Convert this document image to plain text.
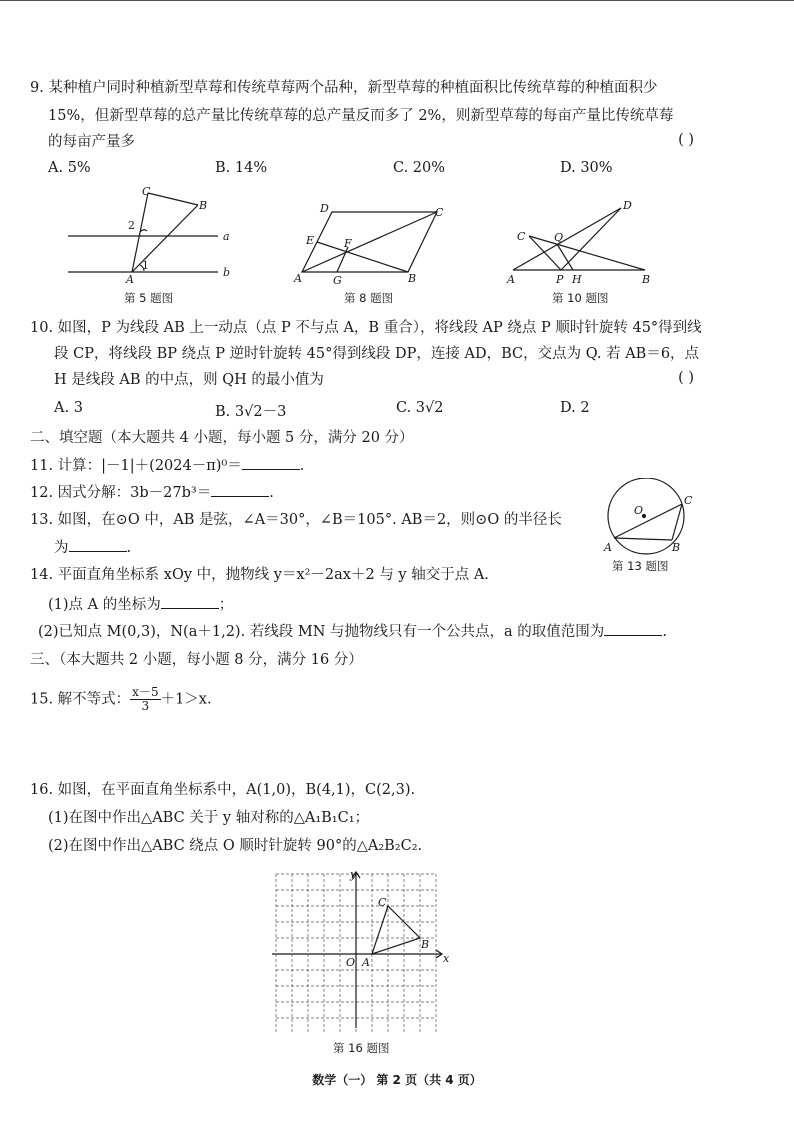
9. 某种植户同时种植新型草莓和传统草莓两个品种，新型草莓的种植面积比传统草莓的种植面积少
15%，但新型草莓的总产量比传统草莓的总产量反而多了 2%，则新型草莓的每亩产量比传统草莓
的每亩产量多	( )
A. 5%	B. 14%	C. 20%	D. 30%
C
B
2
1
A
a
b
第 5 题图
D	C
E	F
A	G	B
第 8 题图
D
C	Q
A	P H	B
第 10 题图
10. 如图，P 为线段 AB 上一动点（点 P 不与点 A，B 重合），将线段 AP 绕点 P 顺时针旋转 45°得到线
段 CP，将线段 BP 绕点 P 逆时针旋转 45°得到线段 DP，连接 AD，BC，交点为 Q. 若 AB＝6，点
H 是线段 AB 的中点，则 QH 的最小值为	( )
A. 3	B. 3√2－3	C. 3√2	D. 2
二、填空题（本大题共 4 小题，每小题 5 分，满分 20 分）
11. 计算：|－1|＋(2024－π)⁰＝	.
12. 因式分解：3b－27b³＝	.
13. 如图，在⊙O 中，AB 是弦，∠A＝30°，∠B＝105°. AB＝2，则⊙O 的半径长
为	.
O
C
A	B
第 13 题图
14. 平面直角坐标系 xOy 中，抛物线 y＝x²－2ax＋2 与 y 轴交于点 A.
(1)点 A 的坐标为	；
(2)已知点 M(0,3)，N(a＋1,2). 若线段 MN 与抛物线只有一个公共点，a 的取值范围为	.
三、（本大题共 2 小题，每小题 8 分，满分 16 分）
15. 解不等式： $\frac{x-5}{3} +1>x$.
16. 如图，在平面直角坐标系中，A(1,0)，B(4,1)，C(2,3).
(1)在图中作出△ABC 关于 y 轴对称的△A₁B₁C₁；
(2)在图中作出△ABC 绕点 O 顺时针旋转 90°的△A₂B₂C₂.
y
x
O A
B
C
第 16 题图
数学（一） 第 2 页（共 4 页）
